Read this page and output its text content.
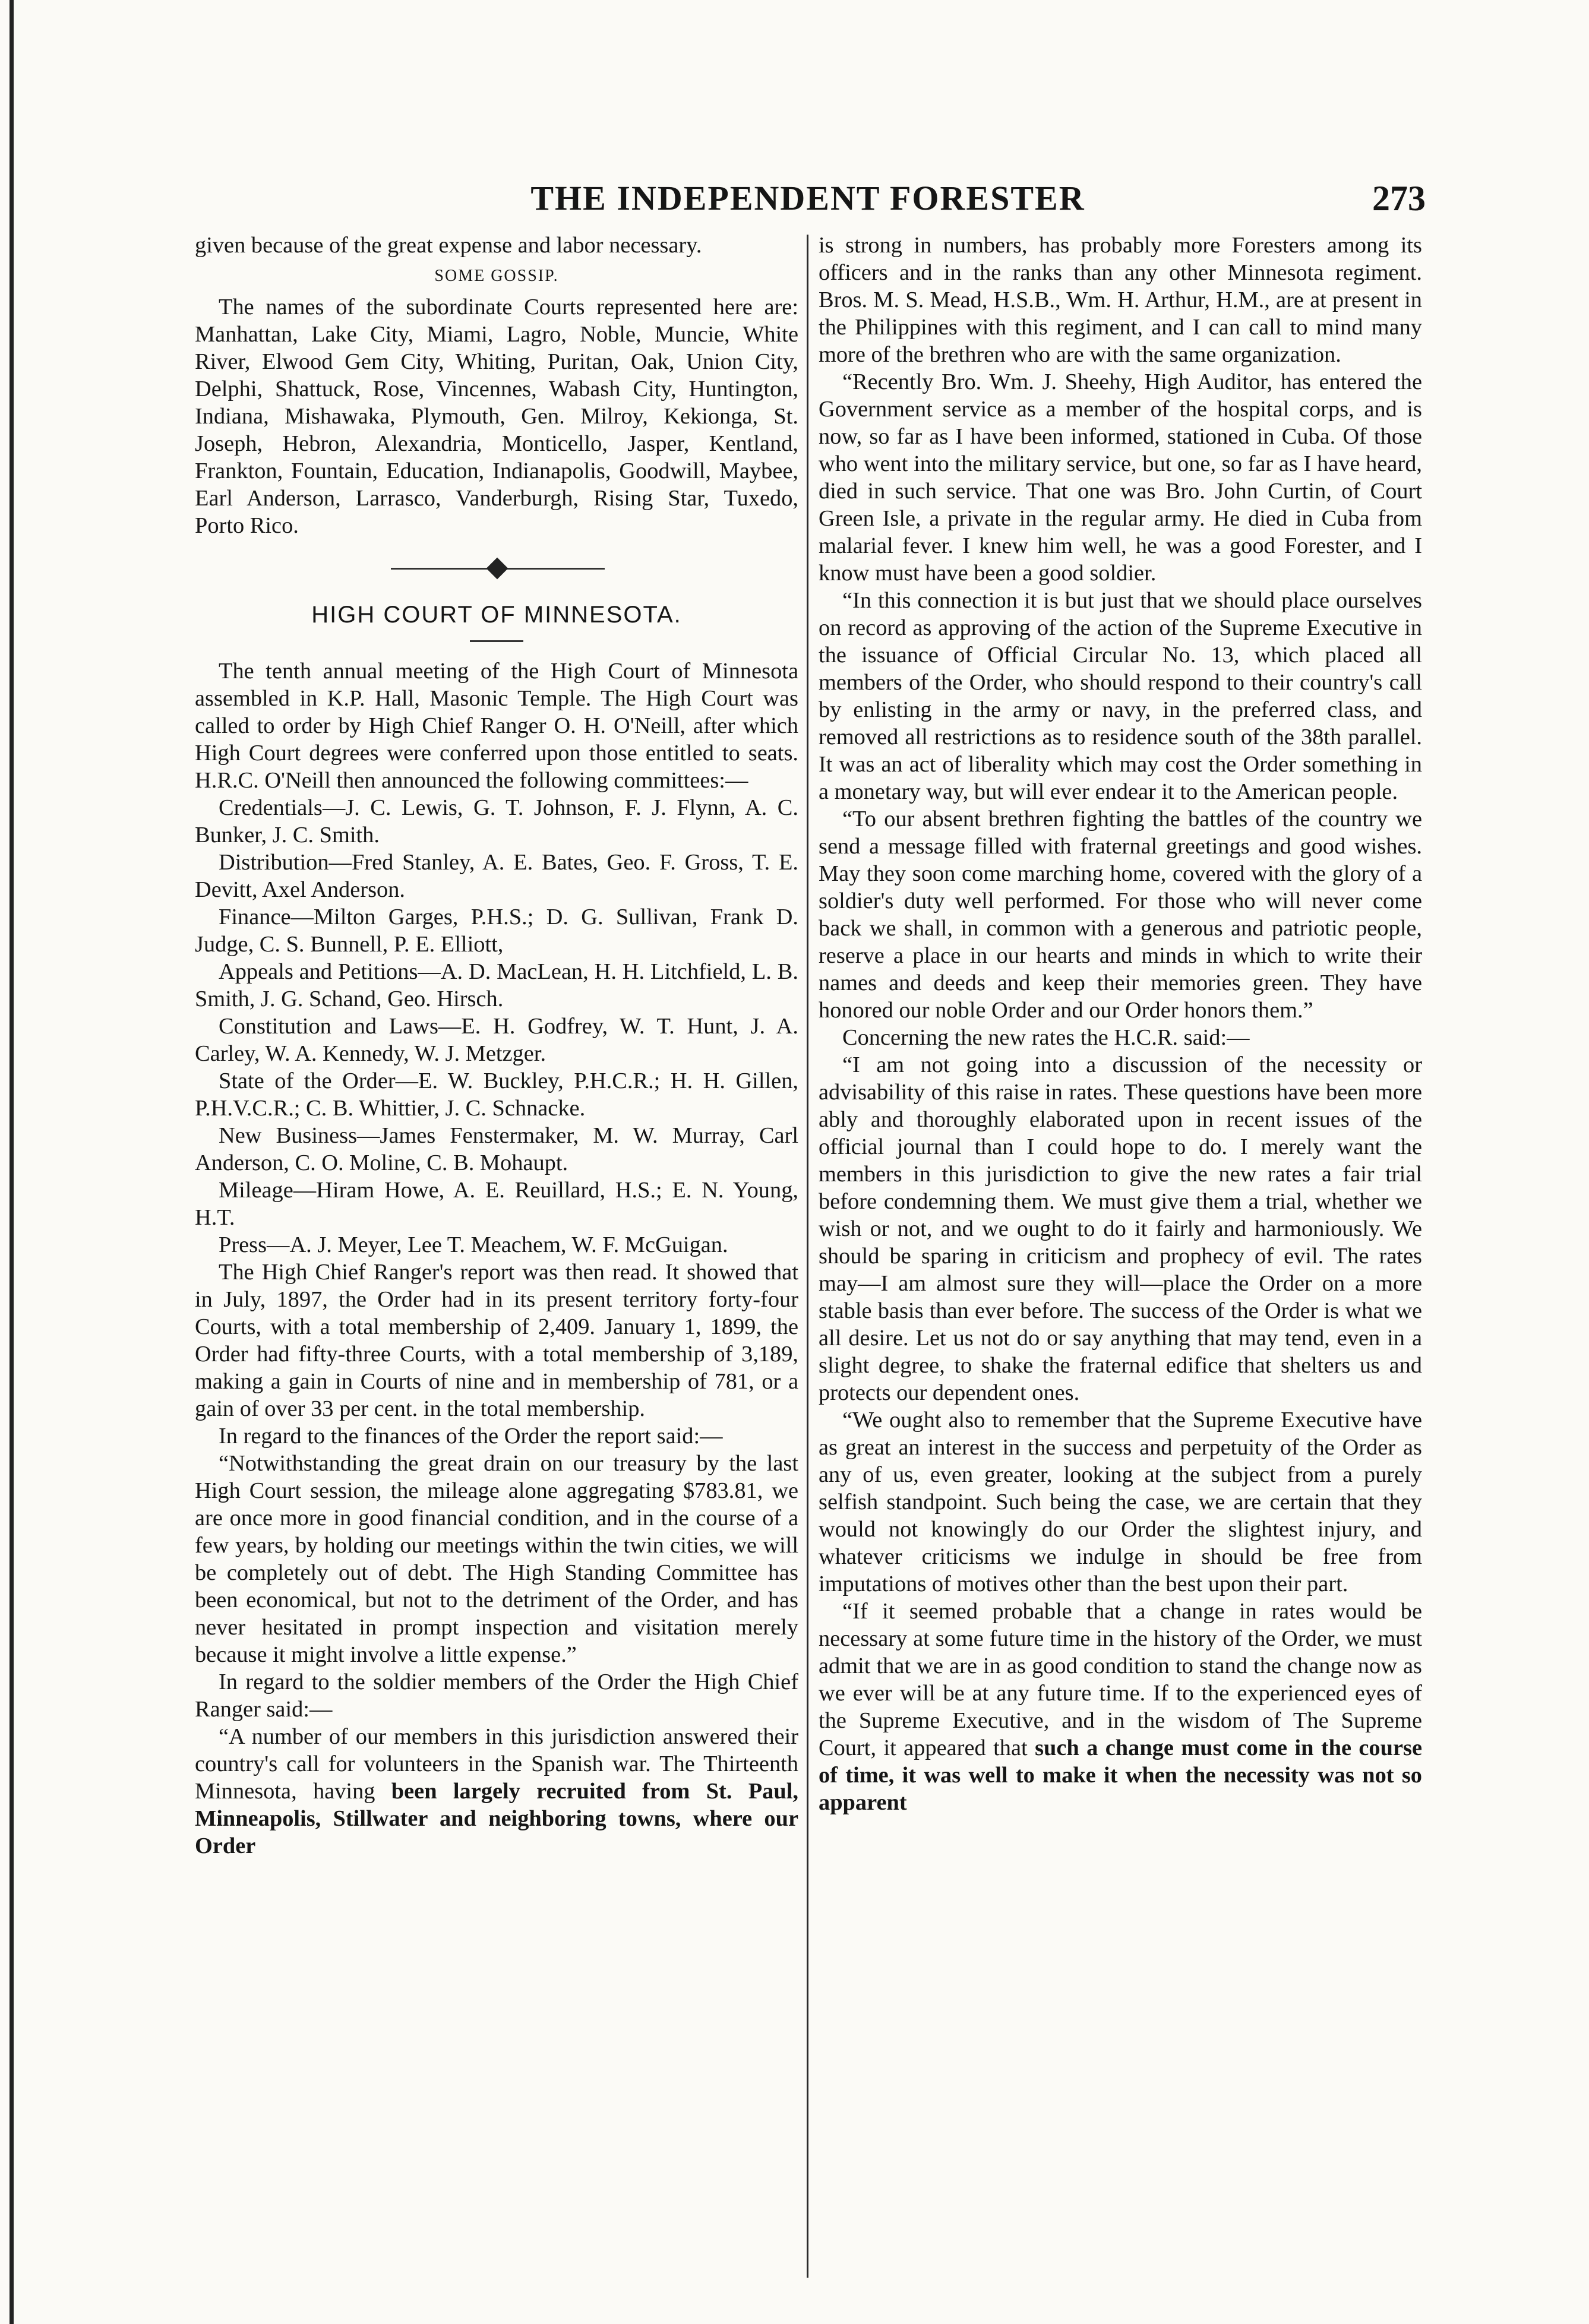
THE INDEPENDENT FORESTER	273

given because of the great expense and labor necessary.

SOME GOSSIP.

The names of the subordinate Courts represented here are: Manhattan, Lake City, Miami, Lagro, Noble, Muncie, White River, Elwood Gem City, Whiting, Puritan, Oak, Union City, Delphi, Shattuck, Rose, Vincennes, Wabash City, Huntington, Indiana, Mishawaka, Plymouth, Gen. Milroy, Kekionga, St. Joseph, Hebron, Alexandria, Monticello, Jasper, Kentland, Frankton, Fountain, Education, Indianapolis, Goodwill, Maybee, Earl Anderson, Larrasco, Vanderburgh, Rising Star, Tuxedo, Porto Rico.

HIGH COURT OF MINNESOTA.

The tenth annual meeting of the High Court of Minnesota assembled in K.P. Hall, Masonic Temple. The High Court was called to order by High Chief Ranger O. H. O'Neill, after which High Court degrees were conferred upon those entitled to seats. H.R.C. O'Neill then announced the following committees:—

Credentials—J. C. Lewis, G. T. Johnson, F. J. Flynn, A. C. Bunker, J. C. Smith.

Distribution—Fred Stanley, A. E. Bates, Geo. F. Gross, T. E. Devitt, Axel Anderson.

Finance—Milton Garges, P.H.S.; D. G. Sullivan, Frank D. Judge, C. S. Bunnell, P. E. Elliott,

Appeals and Petitions—A. D. MacLean, H. H. Litchfield, L. B. Smith, J. G. Schand, Geo. Hirsch.

Constitution and Laws—E. H. Godfrey, W. T. Hunt, J. A. Carley, W. A. Kennedy, W. J. Metzger.

State of the Order—E. W. Buckley, P.H.C.R.; H. H. Gillen, P.H.V.C.R.; C. B. Whittier, J. C. Schnacke.

New Business—James Fenstermaker, M. W. Murray, Carl Anderson, C. O. Moline, C. B. Mohaupt.

Mileage—Hiram Howe, A. E. Reuillard, H.S.; E. N. Young, H.T.

Press—A. J. Meyer, Lee T. Meachem, W. F. McGuigan.

The High Chief Ranger's report was then read. It showed that in July, 1897, the Order had in its present territory forty-four Courts, with a total membership of 2,409. January 1, 1899, the Order had fifty-three Courts, with a total membership of 3,189, making a gain in Courts of nine and in membership of 781, or a gain of over 33 per cent. in the total membership.

In regard to the finances of the Order the report said:—

“Notwithstanding the great drain on our treasury by the last High Court session, the mileage alone aggregating $783.81, we are once more in good financial condition, and in the course of a few years, by holding our meetings within the twin cities, we will be completely out of debt. The High Standing Committee has been economical, but not to the detriment of the Order, and has never hesitated in prompt inspection and visitation merely because it might involve a little expense.”

In regard to the soldier members of the Order the High Chief Ranger said:—

“A number of our members in this jurisdiction answered their country's call for volunteers in the Spanish war. The Thirteenth Minnesota, having been largely recruited from St. Paul, Minneapolis, Stillwater and neighboring towns, where our Order

is strong in numbers, has probably more Foresters among its officers and in the ranks than any other Minnesota regiment. Bros. M. S. Mead, H.S.B., Wm. H. Arthur, H.M., are at present in the Philippines with this regiment, and I can call to mind many more of the brethren who are with the same organization.

“Recently Bro. Wm. J. Sheehy, High Auditor, has entered the Government service as a member of the hospital corps, and is now, so far as I have been informed, stationed in Cuba. Of those who went into the military service, but one, so far as I have heard, died in such service. That one was Bro. John Curtin, of Court Green Isle, a private in the regular army. He died in Cuba from malarial fever. I knew him well, he was a good Forester, and I know must have been a good soldier.

“In this connection it is but just that we should place ourselves on record as approving of the action of the Supreme Executive in the issuance of Official Circular No. 13, which placed all members of the Order, who should respond to their country's call by enlisting in the army or navy, in the preferred class, and removed all restrictions as to residence south of the 38th parallel. It was an act of liberality which may cost the Order something in a monetary way, but will ever endear it to the American people.

“To our absent brethren fighting the battles of the country we send a message filled with fraternal greetings and good wishes. May they soon come marching home, covered with the glory of a soldier's duty well performed. For those who will never come back we shall, in common with a generous and patriotic people, reserve a place in our hearts and minds in which to write their names and deeds and keep their memories green. They have honored our noble Order and our Order honors them.”

Concerning the new rates the H.C.R. said:—

“I am not going into a discussion of the necessity or advisability of this raise in rates. These questions have been more ably and thoroughly elaborated upon in recent issues of the official journal than I could hope to do. I merely want the members in this jurisdiction to give the new rates a fair trial before condemning them. We must give them a trial, whether we wish or not, and we ought to do it fairly and harmoniously. We should be sparing in criticism and prophecy of evil. The rates may—I am almost sure they will—place the Order on a more stable basis than ever before. The success of the Order is what we all desire. Let us not do or say anything that may tend, even in a slight degree, to shake the fraternal edifice that shelters us and protects our dependent ones.

“We ought also to remember that the Supreme Executive have as great an interest in the success and perpetuity of the Order as any of us, even greater, looking at the subject from a purely selfish standpoint. Such being the case, we are certain that they would not knowingly do our Order the slightest injury, and whatever criticisms we indulge in should be free from imputations of motives other than the best upon their part.

“If it seemed probable that a change in rates would be necessary at some future time in the history of the Order, we must admit that we are in as good condition to stand the change now as we ever will be at any future time. If to the experienced eyes of the Supreme Executive, and in the wisdom of The Supreme Court, it appeared that such a change must come in the course of time, it was well to make it when the necessity was not so apparent
